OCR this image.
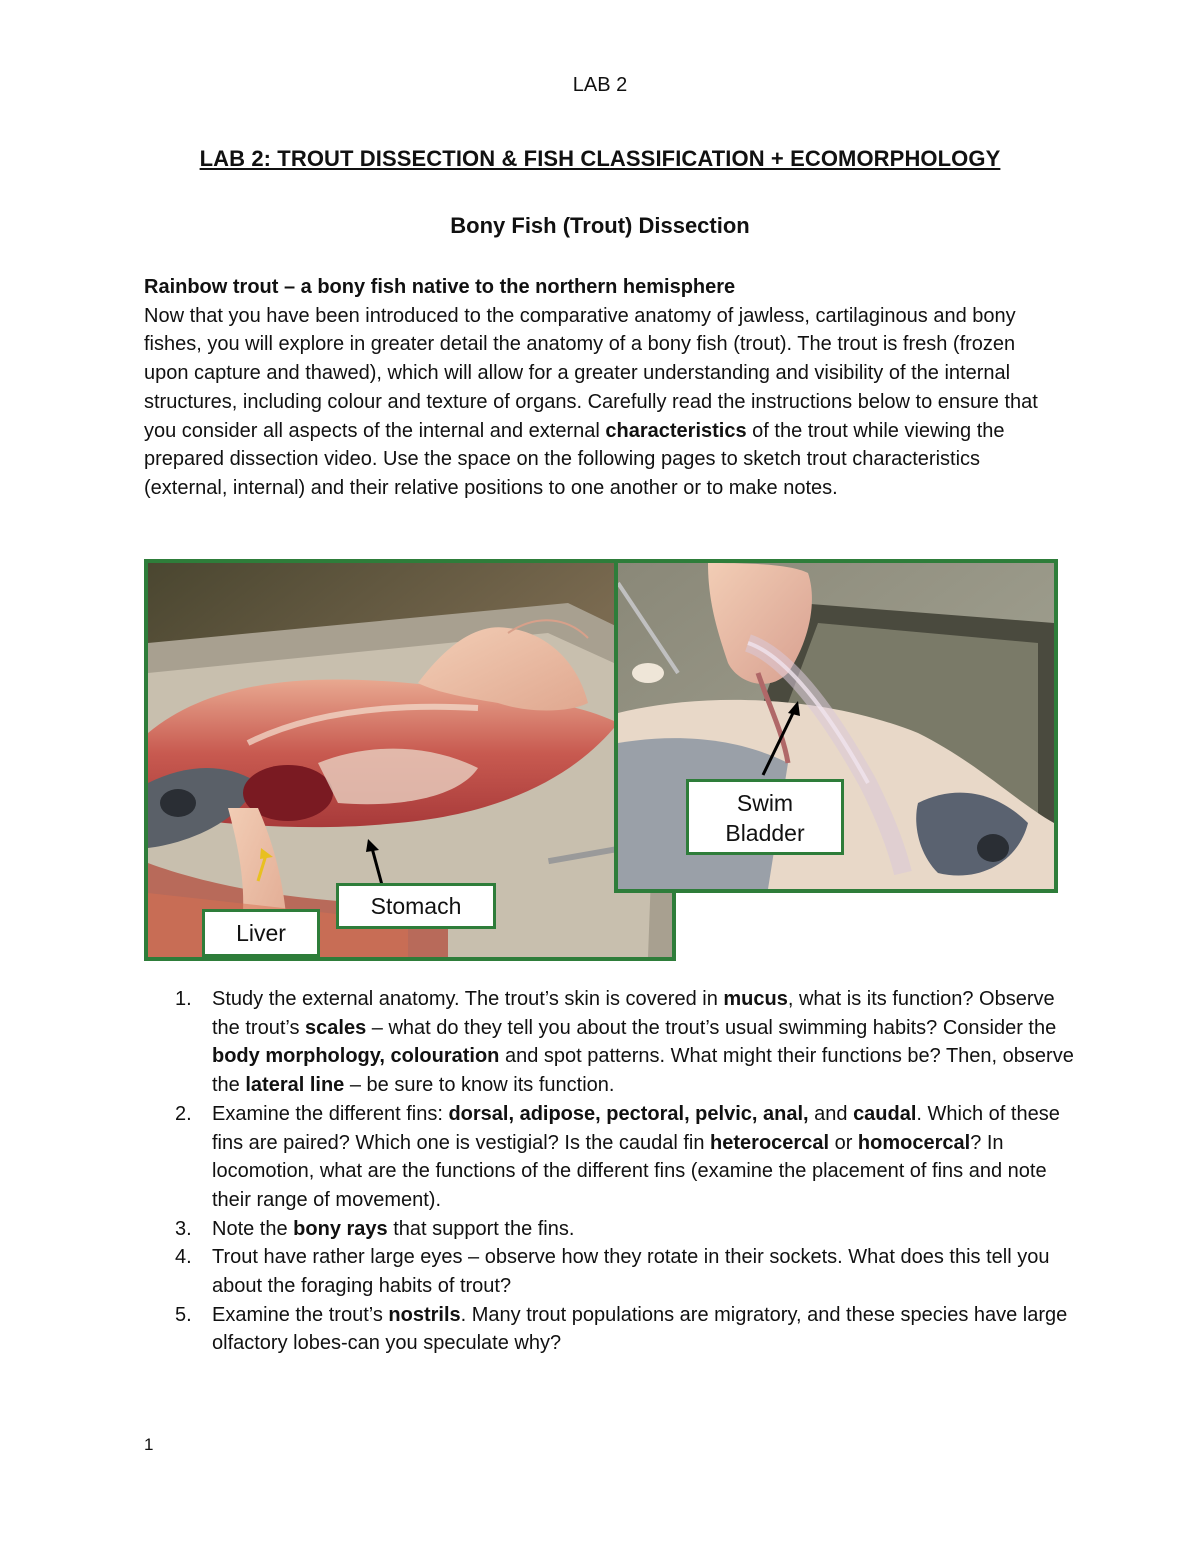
LAB 2
LAB 2: TROUT DISSECTION & FISH CLASSIFICATION + ECOMORPHOLOGY
Bony Fish (Trout) Dissection
Rainbow trout – a bony fish native to the northern hemisphere
Now that you have been introduced to the comparative anatomy of jawless, cartilaginous and bony fishes, you will explore in greater detail the anatomy of a bony fish (trout). The trout is fresh (frozen upon capture and thawed), which will allow for a greater understanding and visibility of the internal structures, including colour and texture of organs. Carefully read the instructions below to ensure that you consider all aspects of the internal and external characteristics of the trout while viewing the prepared dissection video. Use the space on the following pages to sketch trout characteristics (external, internal) and their relative positions to one another or to make notes.
Liver
Stomach
Swim
Bladder
1. Study the external anatomy. The trout’s skin is covered in mucus, what is its function? Observe the trout’s scales – what do they tell you about the trout’s usual swimming habits? Consider the body morphology, colouration and spot patterns. What might their functions be? Then, observe the lateral line – be sure to know its function.
2. Examine the different fins: dorsal, adipose, pectoral, pelvic, anal, and caudal. Which of these fins are paired? Which one is vestigial? Is the caudal fin heterocercal or homocercal? In locomotion, what are the functions of the different fins (examine the placement of fins and note their range of movement).
3. Note the bony rays that support the fins.
4. Trout have rather large eyes – observe how they rotate in their sockets. What does this tell you about the foraging habits of trout?
5. Examine the trout’s nostrils. Many trout populations are migratory, and these species have large olfactory lobes-can you speculate why?
1
